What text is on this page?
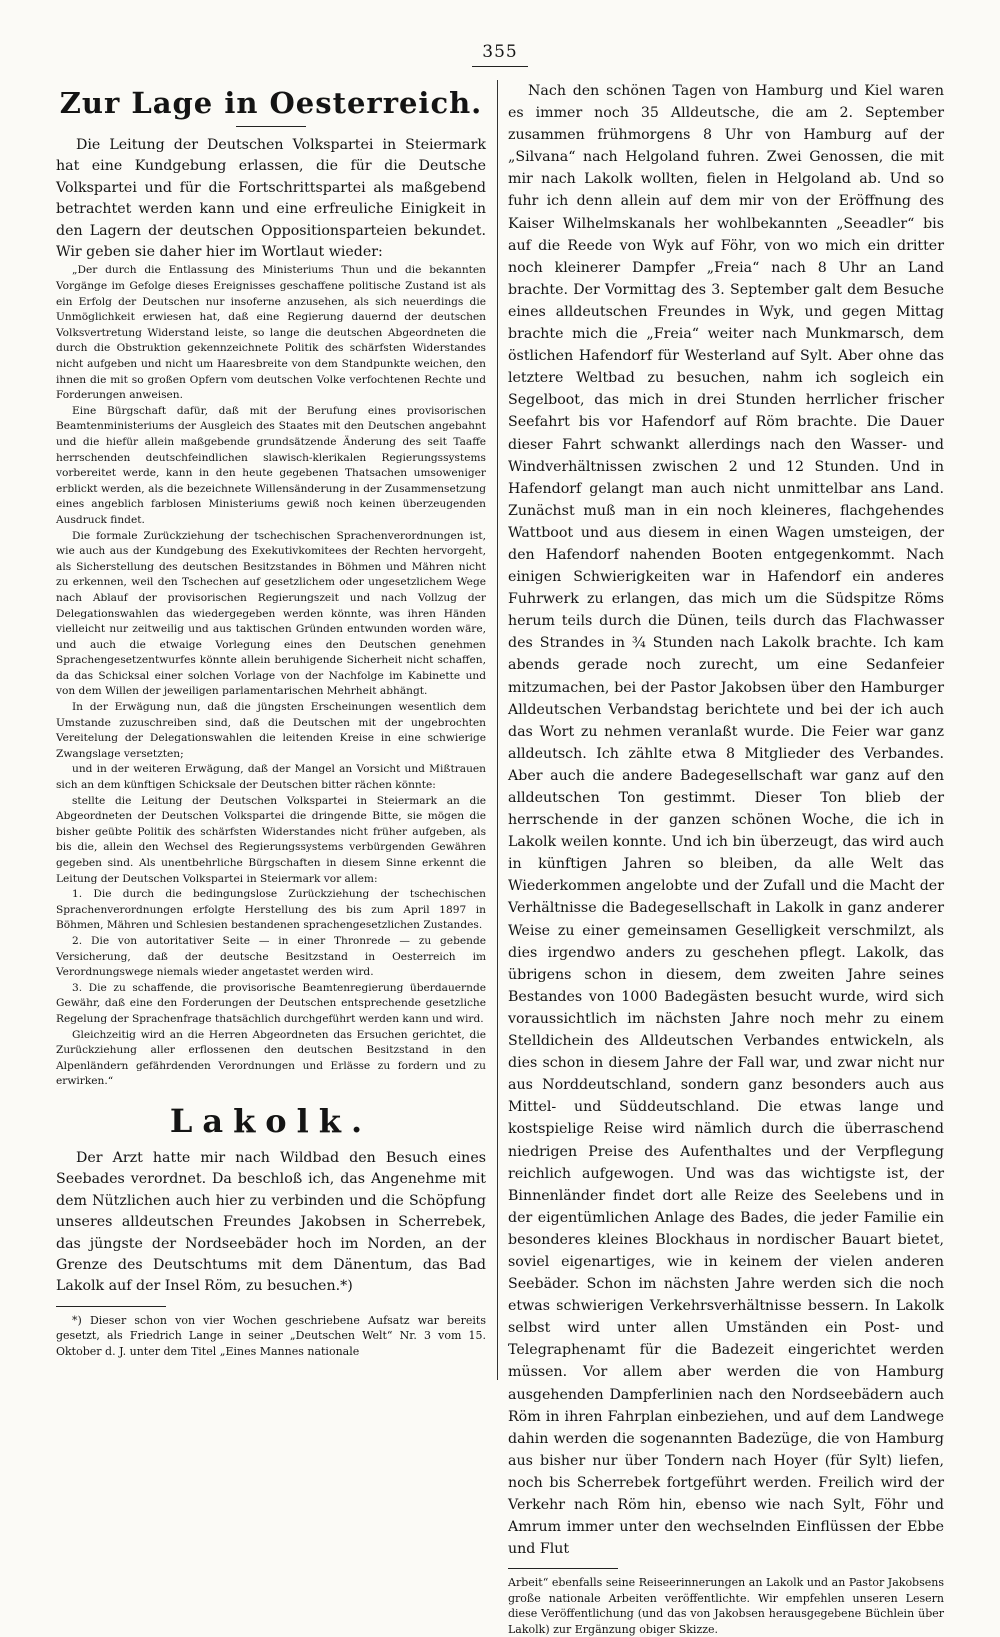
355
Zur Lage in Oesterreich.

Die Leitung der Deutschen Volkspartei in Steiermark hat eine Kundgebung erlassen, die für die Deutsche Volkspartei und für die Fortschrittspartei als maßgebend betrachtet werden kann und eine erfreuliche Einigkeit in den Lagern der deutschen Oppositionsparteien bekundet. Wir geben sie daher hier im Wortlaut wieder:

„Der durch die Entlassung des Ministeriums Thun und die bekannten Vorgänge im Gefolge dieses Ereignisses geschaffene politische Zustand ist als ein Erfolg der Deutschen nur insoferne anzusehen, als sich neuerdings die Unmöglichkeit erwiesen hat, daß eine Regierung dauernd der deutschen Volksvertretung Widerstand leiste, so lange die deutschen Abgeordneten die durch die Obstruktion gekennzeichnete Politik des schärfsten Widerstandes nicht aufgeben und nicht um Haaresbreite von dem Standpunkte weichen, den ihnen die mit so großen Opfern vom deutschen Volke verfochtenen Rechte und Forderungen anweisen.

Eine Bürgschaft dafür, daß mit der Berufung eines provisorischen Beamtenministeriums der Ausgleich des Staates mit den Deutschen angebahnt und die hiefür allein maßgebende grundsätzende Änderung des seit Taaffe herrschenden deutschfeindlichen slawisch-klerikalen Regierungssystems vorbereitet werde, kann in den heute gegebenen Thatsachen umsoweniger erblickt werden, als die bezeichnete Willensänderung in der Zusammensetzung eines angeblich farblosen Ministeriums gewiß noch keinen überzeugenden Ausdruck findet.

Die formale Zurückziehung der tschechischen Sprachenverordnungen ist, wie auch aus der Kundgebung des Exekutivkomitees der Rechten hervorgeht, als Sicherstellung des deutschen Besitzstandes in Böhmen und Mähren nicht zu erkennen, weil den Tschechen auf gesetzlichem oder ungesetzlichem Wege nach Ablauf der provisorischen Regierungszeit und nach Vollzug der Delegationswahlen das wiedergegeben werden könnte, was ihren Händen vielleicht nur zeitweilig und aus taktischen Gründen entwunden worden wäre, und auch die etwaige Vorlegung eines den Deutschen genehmen Sprachengesetzentwurfes könnte allein beruhigende Sicherheit nicht schaffen, da das Schicksal einer solchen Vorlage von der Nachfolge im Kabinette und von dem Willen der jeweiligen parlamentarischen Mehrheit abhängt.

In der Erwägung nun, daß die jüngsten Erscheinungen wesentlich dem Umstande zuzuschreiben sind, daß die Deutschen mit der ungebrochten Vereitelung der Delegationswahlen die leitenden Kreise in eine schwierige Zwangslage versetzten;

und in der weiteren Erwägung, daß der Mangel an Vorsicht und Mißtrauen sich an dem künftigen Schicksale der Deutschen bitter rächen könnte:

stellte die Leitung der Deutschen Volkspartei in Steiermark an die Abgeordneten der Deutschen Volkspartei die dringende Bitte, sie mögen die bisher geübte Politik des schärfsten Widerstandes nicht früher aufgeben, als bis die, allein den Wechsel des Regierungssystems verbürgenden Gewähren gegeben sind. Als unentbehrliche Bürgschaften in diesem Sinne erkennt die Leitung der Deutschen Volkspartei in Steiermark vor allem:

1. Die durch die bedingungslose Zurückziehung der tschechischen Sprachenverordnungen erfolgte Herstellung des bis zum April 1897 in Böhmen, Mähren und Schlesien bestandenen sprachengesetzlichen Zustandes.

2. Die von autoritativer Seite — in einer Thronrede — zu gebende Versicherung, daß der deutsche Besitzstand in Oesterreich im Verordnungswege niemals wieder angetastet werden wird.

3. Die zu schaffende, die provisorische Beamtenregierung überdauernde Gewähr, daß eine den Forderungen der Deutschen entsprechende gesetzliche Regelung der Sprachenfrage thatsächlich durchgeführt werden kann und wird.

Gleichzeitig wird an die Herren Abgeordneten das Ersuchen gerichtet, die Zurückziehung aller erflossenen den deutschen Besitzstand in den Alpenländern gefährdenden Verordnungen und Erlässe zu fordern und zu erwirken.“

Lakolk.

Der Arzt hatte mir nach Wildbad den Besuch eines Seebades verordnet. Da beschloß ich, das Angenehme mit dem Nützlichen auch hier zu verbinden und die Schöpfung unseres alldeutschen Freundes Jakobsen in Scherrebek, das jüngste der Nordseebäder hoch im Norden, an der Grenze des Deutschtums mit dem Dänentum, das Bad Lakolk auf der Insel Röm, zu besuchen.*)

*) Dieser schon von vier Wochen geschriebene Aufsatz war bereits gesetzt, als Friedrich Lange in seiner „Deutschen Welt“ Nr. 3 vom 15. Oktober d. J. unter dem Titel „Eines Mannes nationale

Nach den schönen Tagen von Hamburg und Kiel waren es immer noch 35 Alldeutsche, die am 2. September zusammen frühmorgens 8 Uhr von Hamburg auf der „Silvana“ nach Helgoland fuhren. Zwei Genossen, die mit mir nach Lakolk wollten, fielen in Helgoland ab. Und so fuhr ich denn allein auf dem mir von der Eröffnung des Kaiser Wilhelmskanals her wohlbekannten „Seeadler“ bis auf die Reede von Wyk auf Föhr, von wo mich ein dritter noch kleinerer Dampfer „Freia“ nach 8 Uhr an Land brachte. Der Vormittag des 3. September galt dem Besuche eines alldeutschen Freundes in Wyk, und gegen Mittag brachte mich die „Freia“ weiter nach Munkmarsch, dem östlichen Hafendorf für Westerland auf Sylt. Aber ohne das letztere Weltbad zu besuchen, nahm ich sogleich ein Segelboot, das mich in drei Stunden herrlicher frischer Seefahrt bis vor Hafendorf auf Röm brachte. Die Dauer dieser Fahrt schwankt allerdings nach den Wasser- und Windverhältnissen zwischen 2 und 12 Stunden. Und in Hafendorf gelangt man auch nicht unmittelbar ans Land. Zunächst muß man in ein noch kleineres, flachgehendes Wattboot und aus diesem in einen Wagen umsteigen, der den Hafendorf nahenden Booten entgegenkommt. Nach einigen Schwierigkeiten war in Hafendorf ein anderes Fuhrwerk zu erlangen, das mich um die Südspitze Röms herum teils durch die Dünen, teils durch das Flachwasser des Strandes in ¾ Stunden nach Lakolk brachte. Ich kam abends gerade noch zurecht, um eine Sedanfeier mitzumachen, bei der Pastor Jakobsen über den Hamburger Alldeutschen Verbandstag berichtete und bei der ich auch das Wort zu nehmen veranlaßt wurde. Die Feier war ganz alldeutsch. Ich zählte etwa 8 Mitglieder des Verbandes. Aber auch die andere Badegesellschaft war ganz auf den alldeutschen Ton gestimmt. Dieser Ton blieb der herrschende in der ganzen schönen Woche, die ich in Lakolk weilen konnte. Und ich bin überzeugt, das wird auch in künftigen Jahren so bleiben, da alle Welt das Wiederkommen angelobte und der Zufall und die Macht der Verhältnisse die Badegesellschaft in Lakolk in ganz anderer Weise zu einer gemeinsamen Geselligkeit verschmilzt, als dies irgendwo anders zu geschehen pflegt. Lakolk, das übrigens schon in diesem, dem zweiten Jahre seines Bestandes von 1000 Badegästen besucht wurde, wird sich voraussichtlich im nächsten Jahre noch mehr zu einem Stelldichein des Alldeutschen Verbandes entwickeln, als dies schon in diesem Jahre der Fall war, und zwar nicht nur aus Norddeutschland, sondern ganz besonders auch aus Mittel- und Süddeutschland. Die etwas lange und kostspielige Reise wird nämlich durch die überraschend niedrigen Preise des Aufenthaltes und der Verpflegung reichlich aufgewogen. Und was das wichtigste ist, der Binnenländer findet dort alle Reize des Seelebens und in der eigentümlichen Anlage des Bades, die jeder Familie ein besonderes kleines Blockhaus in nordischer Bauart bietet, soviel eigenartiges, wie in keinem der vielen anderen Seebäder. Schon im nächsten Jahre werden sich die noch etwas schwierigen Verkehrsverhältnisse bessern. In Lakolk selbst wird unter allen Umständen ein Post- und Telegraphenamt für die Badezeit eingerichtet werden müssen. Vor allem aber werden die von Hamburg ausgehenden Dampferlinien nach den Nordseebädern auch Röm in ihren Fahrplan einbeziehen, und auf dem Landwege dahin werden die sogenannten Badezüge, die von Hamburg aus bisher nur über Tondern nach Hoyer (für Sylt) liefen, noch bis Scherrebek fortgeführt werden. Freilich wird der Verkehr nach Röm hin, ebenso wie nach Sylt, Föhr und Amrum immer unter den wechselnden Einflüssen der Ebbe und Flut

Arbeit“ ebenfalls seine Reiseerinnerungen an Lakolk und an Pastor Jakobsens große nationale Arbeiten veröffentlichte. Wir empfehlen unseren Lesern diese Veröffentlichung (und das von Jakobsen herausgegebene Büchlein über Lakolk) zur Ergänzung obiger Skizze.
